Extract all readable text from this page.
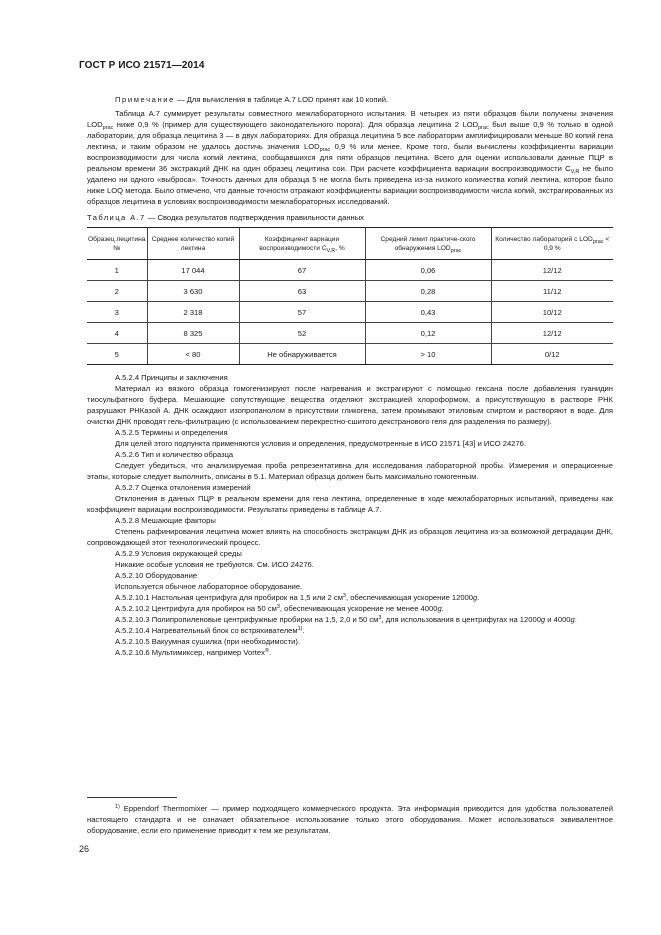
ГОСТ Р ИСО 21571—2014

Примечание — Для вычисления в таблице А.7 LOD принят как 10 копий.

Таблица А.7 суммирует результаты совместного межлабораторного испытания. В четырех из пяти образцов были получены значения $LOD_{prac}$ ниже 0,9 % (пример для существующего законодательного порога). Для образца лецитина 2 $LOD_{prac}$ был выше 0,9 % только в одной лаборатории, для образца лецитина 3 — в двух лабораториях. Для образца лецитина 5 все лаборатории амплифицировали меньше 80 копий гена лектина, и таким образом не удалось достичь значения $LOD_{prac}$ 0,9 % или менее. Кроме того, были вычислены коэффициенты вариации воспроизводимости для числа копий лектина, сообщавшихся для пяти образцов лецитина. Всего для оценки использовали данные ПЦР в реальном времени 36 экстракций ДНК на один образец лецитина сои. При расчете коэффициента вариации воспроизводимости $C_{V,R}$ не было удалено ни одного «выброса». Точность данных для образца 5 не могла быть приведена из-за низкого количества копий лектина, которое было ниже LOQ метода. Было отмечено, что данные точности отражают коэффициенты вариации воспроизводимости числа копий, экстрагированных из образцов лецитина в условиях воспроизводимости межлабораторных исследований.

Таблица А.7 — Сводка результатов подтверждения правильности данных

Образец лецитина №	Среднее количество копий лектина	Коэффициент вариации воспроизводимости $C_{V,R}$, %	Средний лимит практиче-ского обнаружения $LOD_{prac}$	Количество лабораторий с $LOD_{prac} < 0,9$ %
1	17 044	67	0,06	12/12
2	3 630	63	0,28	11/12
3	2 318	57	0,43	10/12
4	8 325	52	0,12	12/12
5	< 80	Не обнаруживается	> 10	0/12

А.5.2.4 Принципы и заключения

Материал из вязкого образца гомогенизируют после нагревания и экстрагируют с помощью гексана после добавления гуанидин тиосульфатного буфера. Мешающие сопутствующие вещества отделяют экстракцией хлороформом, а присутствующую в растворе РНК разрушают РНКазой А. ДНК осаждают изопропанолом в присутствии гликогена, затем промывают этиловым спиртом и растворяют в воде. Для очистки ДНК проводят гель-фильтрацию (с использованием перекрестно-сшитого декстранового геля для разделения по размеру).

А.5.2.5 Термины и определения

Для целей этого подпункта применяются условия и определения, предусмотренные в ИСО 21571 [43] и ИСО 24276.

А.5.2.6 Тип и количество образца

Следует убедиться, что анализируемая проба репрезентативна для исследования лабораторной пробы. Измерения и операционные этапы, которые следует выполнить, описаны в 5.1. Материал образца должен быть максимально гомогенным.

А.5.2.7 Оценка отклонения измерений

Отклонения в данных ПЦР в реальном времени для гена лектина, определенные в ходе межлабораторных испытаний, приведены как коэффициент вариации воспроизводимости. Результаты приведены в таблице А.7.

А.5.2.8 Мешающие факторы

Степень рафинирования лецитина может влиять на способность экстракции ДНК из образцов лецитина из-за возможной деградации ДНК, сопровождающей этот технологический процесс.

А.5.2.9 Условия окружающей среды

Никакие особые условия не требуются. См. ИСО 24276.

А.5.2.10 Оборудование

Используется обычное лабораторное оборудование.

А.5.2.10.1 Настольная центрифуга для пробирок на 1,5 или 2 $см^3$, обеспечивающая ускорение 12000g.

А.5.2.10.2 Центрифуга для пробирок на 50 $см^3$, обеспечивающая ускорение не менее 4000g.

А.5.2.10.3 Полипропиленовые центрифужные пробирки на 1,5, 2,0 и 50 $см^3$, для использования в центрифугах на 12000g и 4000g.

А.5.2.10.4 Нагревательный блок со встряхивателем$^{1)}$.

А.5.2.10.5 Вакуумная сушилка (при необходимости).

А.5.2.10.6 Мультимиксер, например Vortex®.

$^{1)}$ Eppendorf Thermomixer — пример подходящего коммерческого продукта. Эта информация приводится для удобства пользователей настоящего стандарта и не означает обязательное использование только этого оборудования. Может использоваться эквивалентное оборудование, если его применение приводит к тем же результатам.

26
